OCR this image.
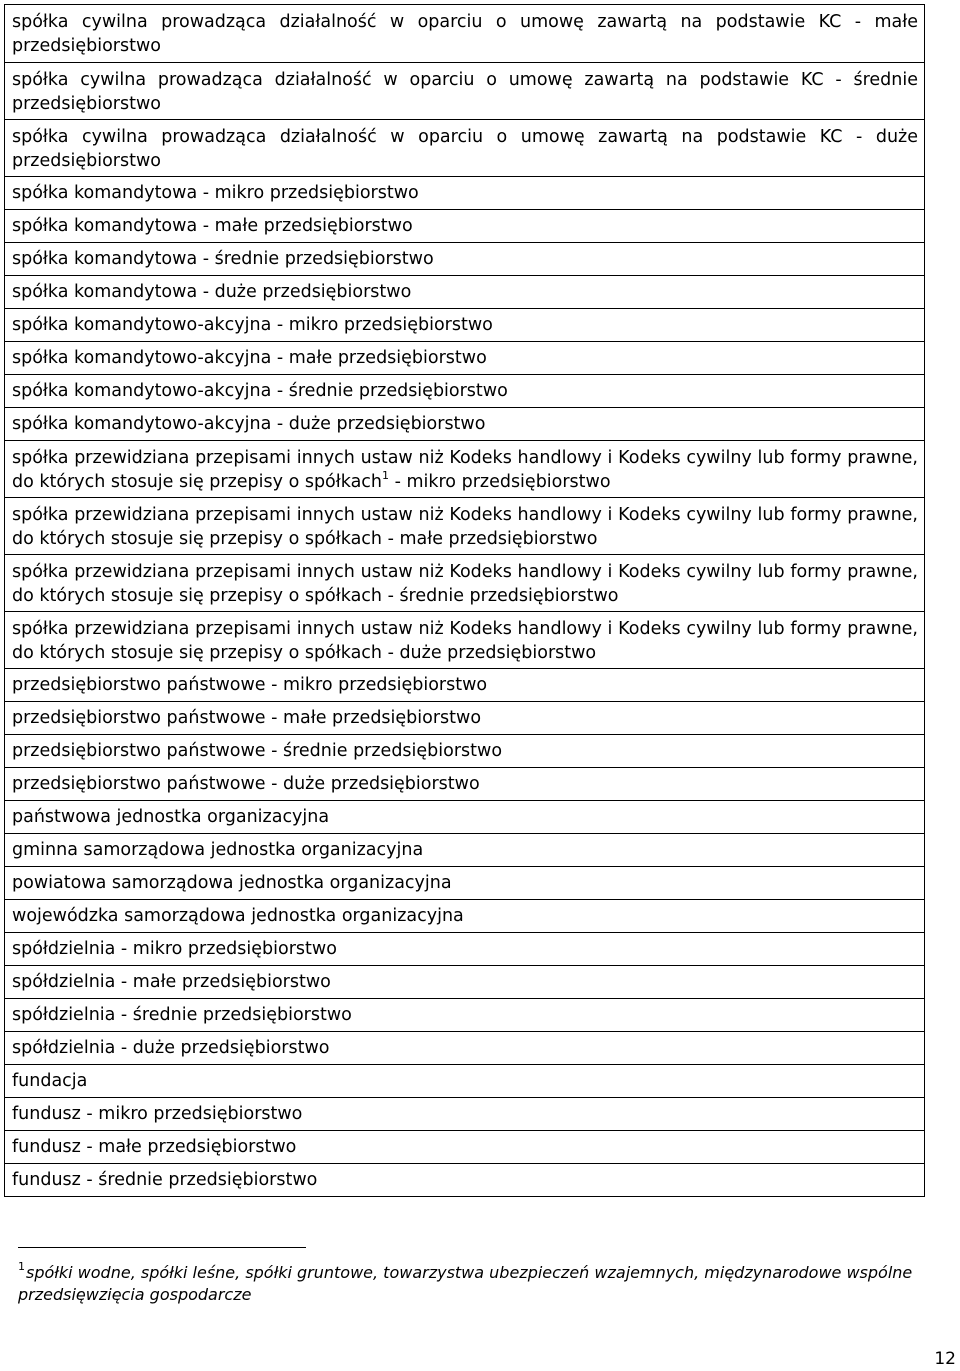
spółka cywilna prowadząca działalność w oparciu o umowę zawartą na podstawie KC - małe przedsiębiorstwo
spółka cywilna prowadząca działalność w oparciu o umowę zawartą na podstawie KC - średnie przedsiębiorstwo
spółka cywilna prowadząca działalność w oparciu o umowę zawartą na podstawie KC - duże przedsiębiorstwo
spółka komandytowa - mikro przedsiębiorstwo
spółka komandytowa - małe przedsiębiorstwo
spółka komandytowa - średnie przedsiębiorstwo
spółka komandytowa - duże przedsiębiorstwo
spółka komandytowo-akcyjna - mikro przedsiębiorstwo
spółka komandytowo-akcyjna - małe przedsiębiorstwo
spółka komandytowo-akcyjna - średnie przedsiębiorstwo
spółka komandytowo-akcyjna - duże przedsiębiorstwo
spółka przewidziana przepisami innych ustaw niż Kodeks handlowy i Kodeks cywilny lub formy prawne, do których stosuje się przepisy o spółkach$^1$ - mikro przedsiębiorstwo
spółka przewidziana przepisami innych ustaw niż Kodeks handlowy i Kodeks cywilny lub formy prawne, do których stosuje się przepisy o spółkach - małe przedsiębiorstwo
spółka przewidziana przepisami innych ustaw niż Kodeks handlowy i Kodeks cywilny lub formy prawne, do których stosuje się przepisy o spółkach - średnie przedsiębiorstwo
spółka przewidziana przepisami innych ustaw niż Kodeks handlowy i Kodeks cywilny lub formy prawne, do których stosuje się przepisy o spółkach - duże przedsiębiorstwo
przedsiębiorstwo państwowe - mikro przedsiębiorstwo
przedsiębiorstwo państwowe - małe przedsiębiorstwo
przedsiębiorstwo państwowe - średnie przedsiębiorstwo
przedsiębiorstwo państwowe - duże przedsiębiorstwo
państwowa jednostka organizacyjna
gminna samorządowa jednostka organizacyjna
powiatowa samorządowa jednostka organizacyjna
wojewódzka samorządowa jednostka organizacyjna
spółdzielnia - mikro przedsiębiorstwo
spółdzielnia - małe przedsiębiorstwo
spółdzielnia - średnie przedsiębiorstwo
spółdzielnia - duże przedsiębiorstwo
fundacja
fundusz - mikro przedsiębiorstwo
fundusz - małe przedsiębiorstwo
fundusz - średnie przedsiębiorstwo
$^1$spółki wodne, spółki leśne, spółki gruntowe, towarzystwa ubezpieczeń wzajemnych, międzynarodowe wspólne przedsięwzięcia gospodarcze
12
